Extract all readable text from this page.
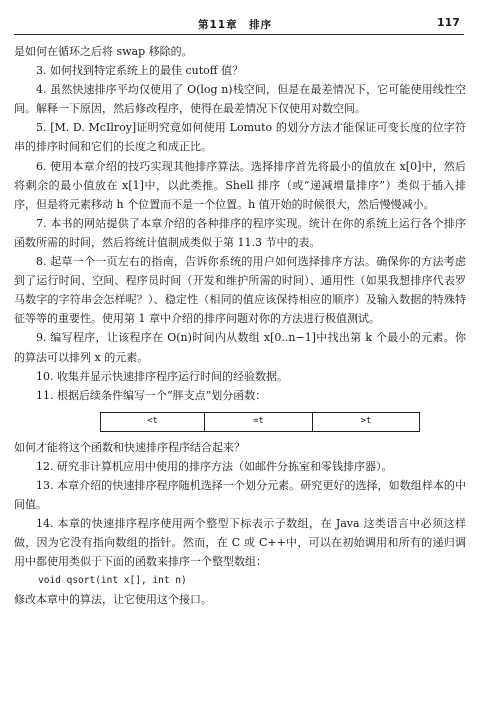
第11章　排序	117

是如何在循环之后将 swap 移除的。

3. 如何找到特定系统上的最佳 cutoff 值？

4. 虽然快速排序平均仅使用了 O(log n)栈空间，但是在最差情况下，它可能使用线性空间。解释一下原因，然后修改程序，使得在最差情况下仅使用对数空间。

5. [M. D. McIlroy]证明究竟如何使用 Lomuto 的划分方法才能保证可变长度的位字符串的排序时间和它们的长度之和成正比。

6. 使用本章介绍的技巧实现其他排序算法。选择排序首先将最小的值放在 x[0]中，然后将剩余的最小值放在 x[1]中，以此类推。Shell 排序（或“递减增量排序”）类似于插入排序，但是将元素移动 h 个位置而不是一个位置。h 值开始的时候很大，然后慢慢减小。

7. 本书的网站提供了本章介绍的各种排序的程序实现。统计在你的系统上运行各个排序函数所需的时间，然后将统计值制成类似于第 11.3 节中的表。

8. 起草一个一页左右的指南，告诉你系统的用户如何选择排序方法。确保你的方法考虑到了运行时间、空间、程序员时间（开发和维护所需的时间）、通用性（如果我想排序代表罗马数字的字符串会怎样呢？）、稳定性（相同的值应该保持相应的顺序）及输入数据的特殊特征等等的重要性。使用第 1 章中介绍的排序问题对你的方法进行极值测试。

9. 编写程序，让该程序在 O(n)时间内从数组 x[0..n−1]中找出第 k 个最小的元素。你的算法可以排列 x 的元素。

10. 收集并显示快速排序程序运行时间的经验数据。

11. 根据后续条件编写一个“胖支点”划分函数：

<t	=t	>t

如何才能将这个函数和快速排序程序结合起来？

12. 研究非计算机应用中使用的排序方法（如邮件分拣室和零钱排序器）。

13. 本章介绍的快速排序程序随机选择一个划分元素。研究更好的选择，如数组样本的中间值。

14. 本章的快速排序程序使用两个整型下标表示子数组，在 Java 这类语言中必须这样做，因为它没有指向数组的指针。然而，在 C 或 C++中，可以在初始调用和所有的递归调用中都使用类似于下面的函数来排序一个整型数组：

void qsort(int x[], int n)

修改本章中的算法，让它使用这个接口。
